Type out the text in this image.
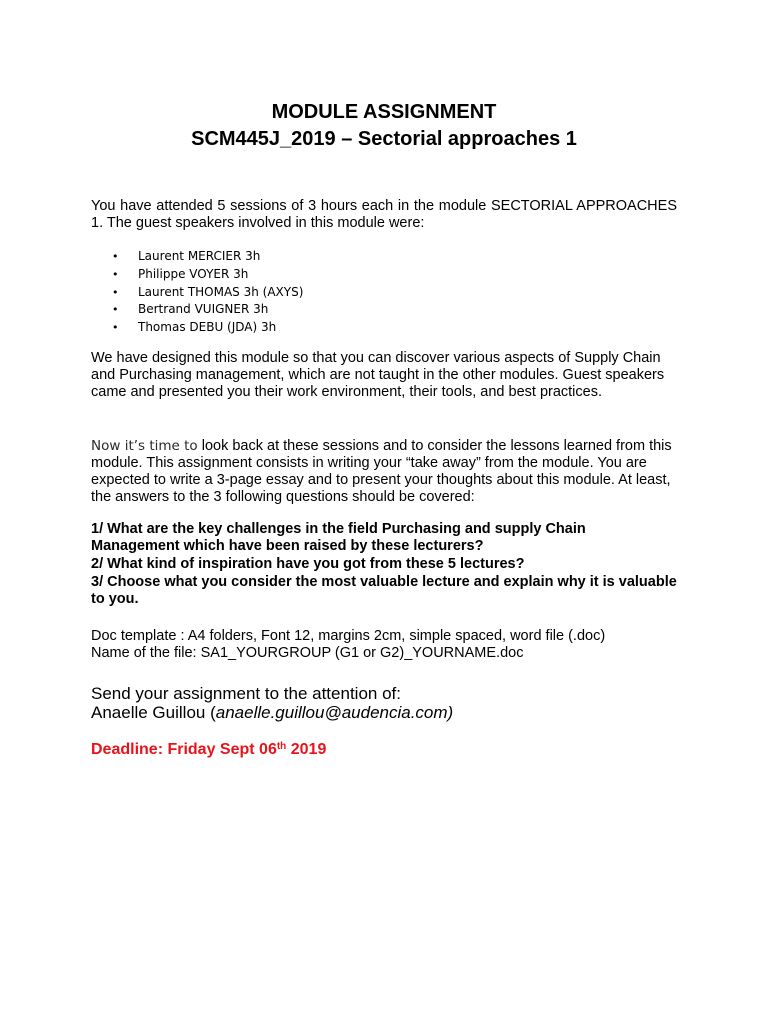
MODULE ASSIGNMENT
SCM445J_2019 – Sectorial approaches 1

You have attended 5 sessions of 3 hours each in the module SECTORIAL APPROACHES 1. The guest speakers involved in this module were:

• Laurent MERCIER 3h
• Philippe VOYER 3h
• Laurent THOMAS 3h (AXYS)
• Bertrand VUIGNER 3h
• Thomas DEBU (JDA) 3h

We have designed this module so that you can discover various aspects of Supply Chain and Purchasing management, which are not taught in the other modules. Guest speakers came and presented you their work environment, their tools, and best practices.

Now it’s time to look back at these sessions and to consider the lessons learned from this module. This assignment consists in writing your “take away” from the module. You are expected to write a 3-page essay and to present your thoughts about this module. At least, the answers to the 3 following questions should be covered:

1/ What are the key challenges in the field Purchasing and supply Chain Management which have been raised by these lecturers?

2/ What kind of inspiration have you got from these 5 lectures?

3/ Choose what you consider the most valuable lecture and explain why it is valuable to you.

Doc template : A4 folders, Font 12, margins 2cm, simple spaced, word file (.doc)
Name of the file: SA1_YOURGROUP (G1 or G2)_YOURNAME.doc
Send your assignment to the attention of:
Anaelle Guillou (anaelle.guillou@audencia.com)

Deadline: Friday Sept 06th 2019
